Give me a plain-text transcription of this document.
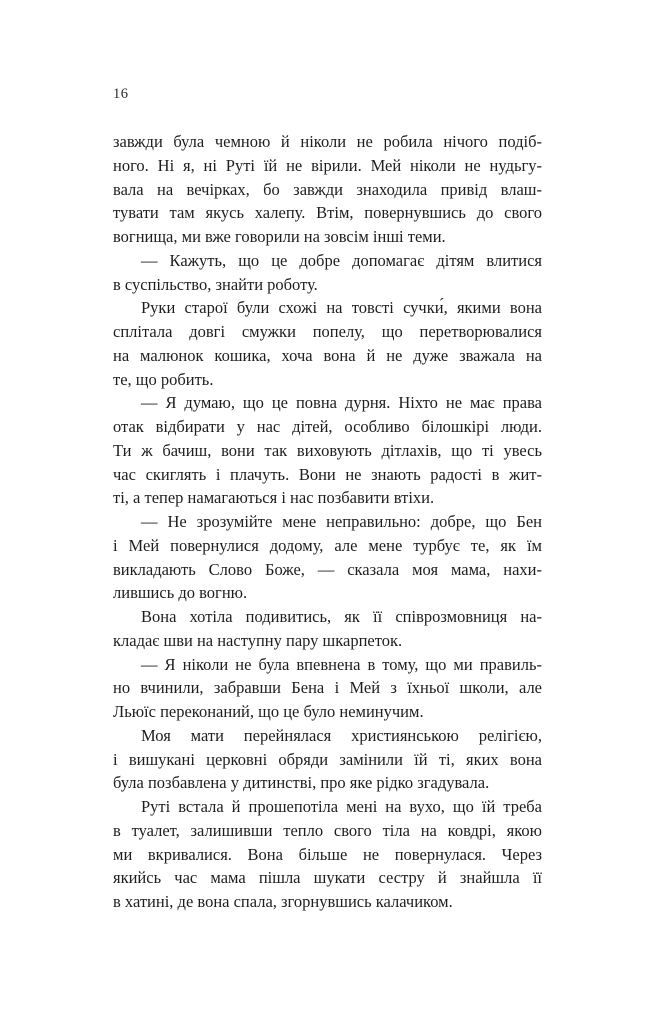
16
завжди була чемною й ніколи не робила нічого подіб-
ного. Ні я, ні Руті їй не вірили. Мей ніколи не нудьгу-
вала на вечірках, бо завжди знаходила привід влаш-
тувати там якусь халепу. Втім, повернувшись до свого
вогнища, ми вже говорили на зовсім інші теми.
— Кажуть, що це добре допомагає дітям влитися
в суспільство, знайти роботу.
Руки старої були схожі на товсті сучки́, якими вона
сплітала довгі смужки попелу, що перетворювалися
на малюнок кошика, хоча вона й не дуже зважала на
те, що робить.
— Я думаю, що це повна дурня. Ніхто не має права
отак відбирати у нас дітей, особливо білошкірі люди.
Ти ж бачиш, вони так виховують дітлахів, що ті увесь
час скиглять і плачуть. Вони не знають радості в жит-
ті, а тепер намагаються і нас позбавити втіхи.
— Не зрозумійте мене неправильно: добре, що Бен
і Мей повернулися додому, але мене турбує те, як їм
викладають Слово Боже, — сказала моя мама, нахи-
лившись до вогню.
Вона хотіла подивитись, як її співрозмовниця на-
кладає шви на наступну пару шкарпеток.
— Я ніколи не була впевнена в тому, що ми правиль-
но вчинили, забравши Бена і Мей з їхньої школи, але
Льюїс переконаний, що це було неминучим.
Моя мати перейнялася християнською релігією,
і вишукані церковні обряди замінили їй ті, яких вона
була позбавлена у дитинстві, про яке рідко згадувала.
Руті встала й прошепотіла мені на вухо, що їй треба
в туалет, залишивши тепло свого тіла на ковдрі, якою
ми вкривалися. Вона більше не повернулася. Через
якийсь час мама пішла шукати сестру й знайшла її
в хатині, де вона спала, згорнувшись калачиком.
